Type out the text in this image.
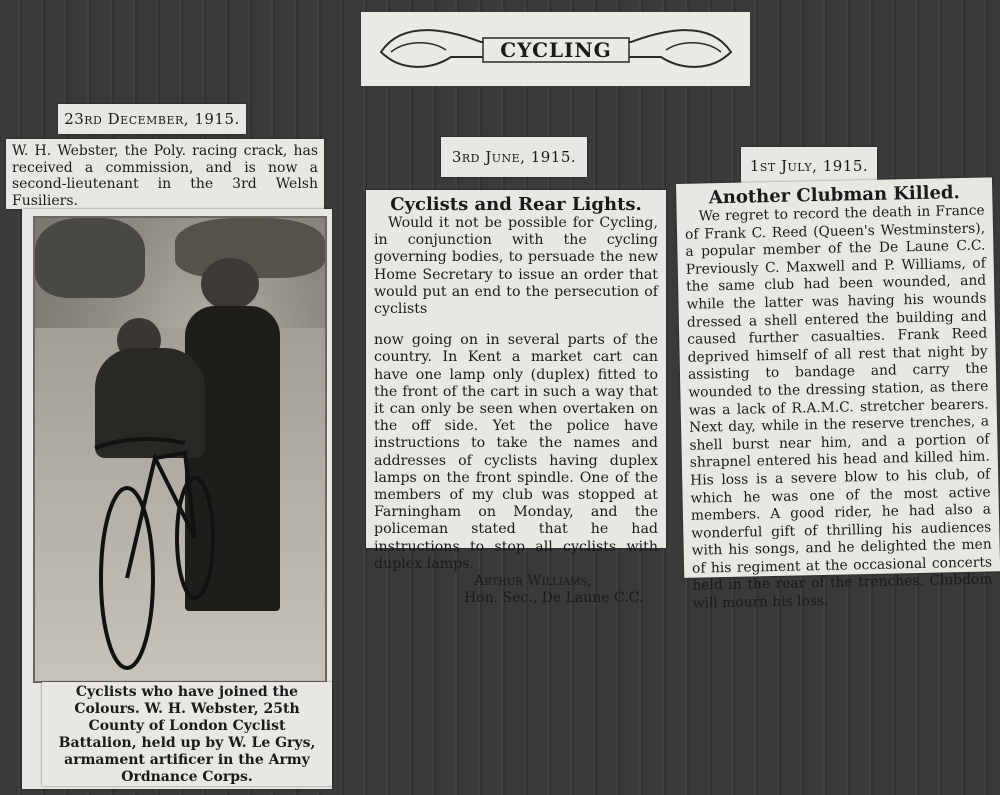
CYCLING
23rd December, 1915.

W. H. Webster, the Poly. racing crack, has received a commission, and is now a second-lieutenant in the 3rd Welsh Fusiliers.

Cyclists who have joined the Colours. W. H. Webster, 25th County of London Cyclist Battalion, held up by W. Le Grys, armament artificer in the Army Ordnance Corps.

3rd June, 1915.

Cyclists and Rear Lights.

Would it not be possible for Cycling, in conjunction with the cycling governing bodies, to persuade the new Home Secretary to issue an order that would put an end to the persecution of cyclists

now going on in several parts of the country. In Kent a market cart can have one lamp only (duplex) fitted to the front of the cart in such a way that it can only be seen when overtaken on the off side. Yet the police have instructions to take the names and addresses of cyclists having duplex lamps on the front spindle. One of the members of my club was stopped at Farningham on Monday, and the policeman stated that he had instructions to stop all cyclists with duplex lamps.

Arthur Williams,

Hon. Sec., De Laune C.C.

1st July, 1915.

Another Clubman Killed.

We regret to record the death in France of Frank C. Reed (Queen's Westminsters), a popular member of the De Laune C.C. Previously C. Maxwell and P. Williams, of the same club had been wounded, and while the latter was having his wounds dressed a shell entered the building and caused further casualties. Frank Reed deprived himself of all rest that night by assisting to bandage and carry the wounded to the dressing station, as there was a lack of R.A.M.C. stretcher bearers. Next day, while in the reserve trenches, a shell burst near him, and a portion of shrapnel entered his head and killed him. His loss is a severe blow to his club, of which he was one of the most active members. A good rider, he had also a wonderful gift of thrilling his audiences with his songs, and he delighted the men of his regiment at the occasional concerts held in the rear of the trenches. Clubdom will mourn his loss.
